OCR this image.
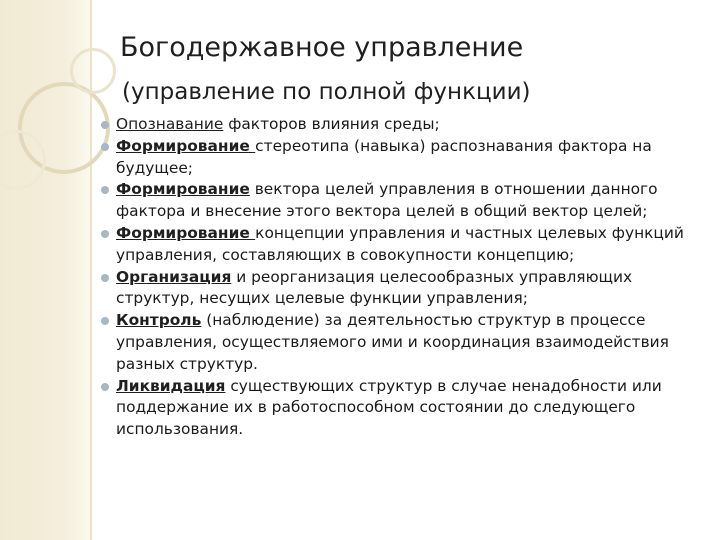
Богодержавное управление
(управление по полной функции)
Опознавание факторов влияния среды;
Формирование стереотипа (навыка) распознавания фактора на будущее;
Формирование вектора целей управления в отношении данного фактора и внесение этого вектора целей в общий вектор целей;
Формирование концепции управления и частных целевых функций управления, составляющих в совокупности концепцию;
Организация и реорганизация целесообразных управляющих структур, несущих целевые функции управления;
Контроль (наблюдение) за деятельностью структур в процессе управления, осуществляемого ими и координация взаимодействия разных структур.
Ликвидация существующих структур в случае ненадобности или поддержание их в работоспособном состоянии до следующего использования.
